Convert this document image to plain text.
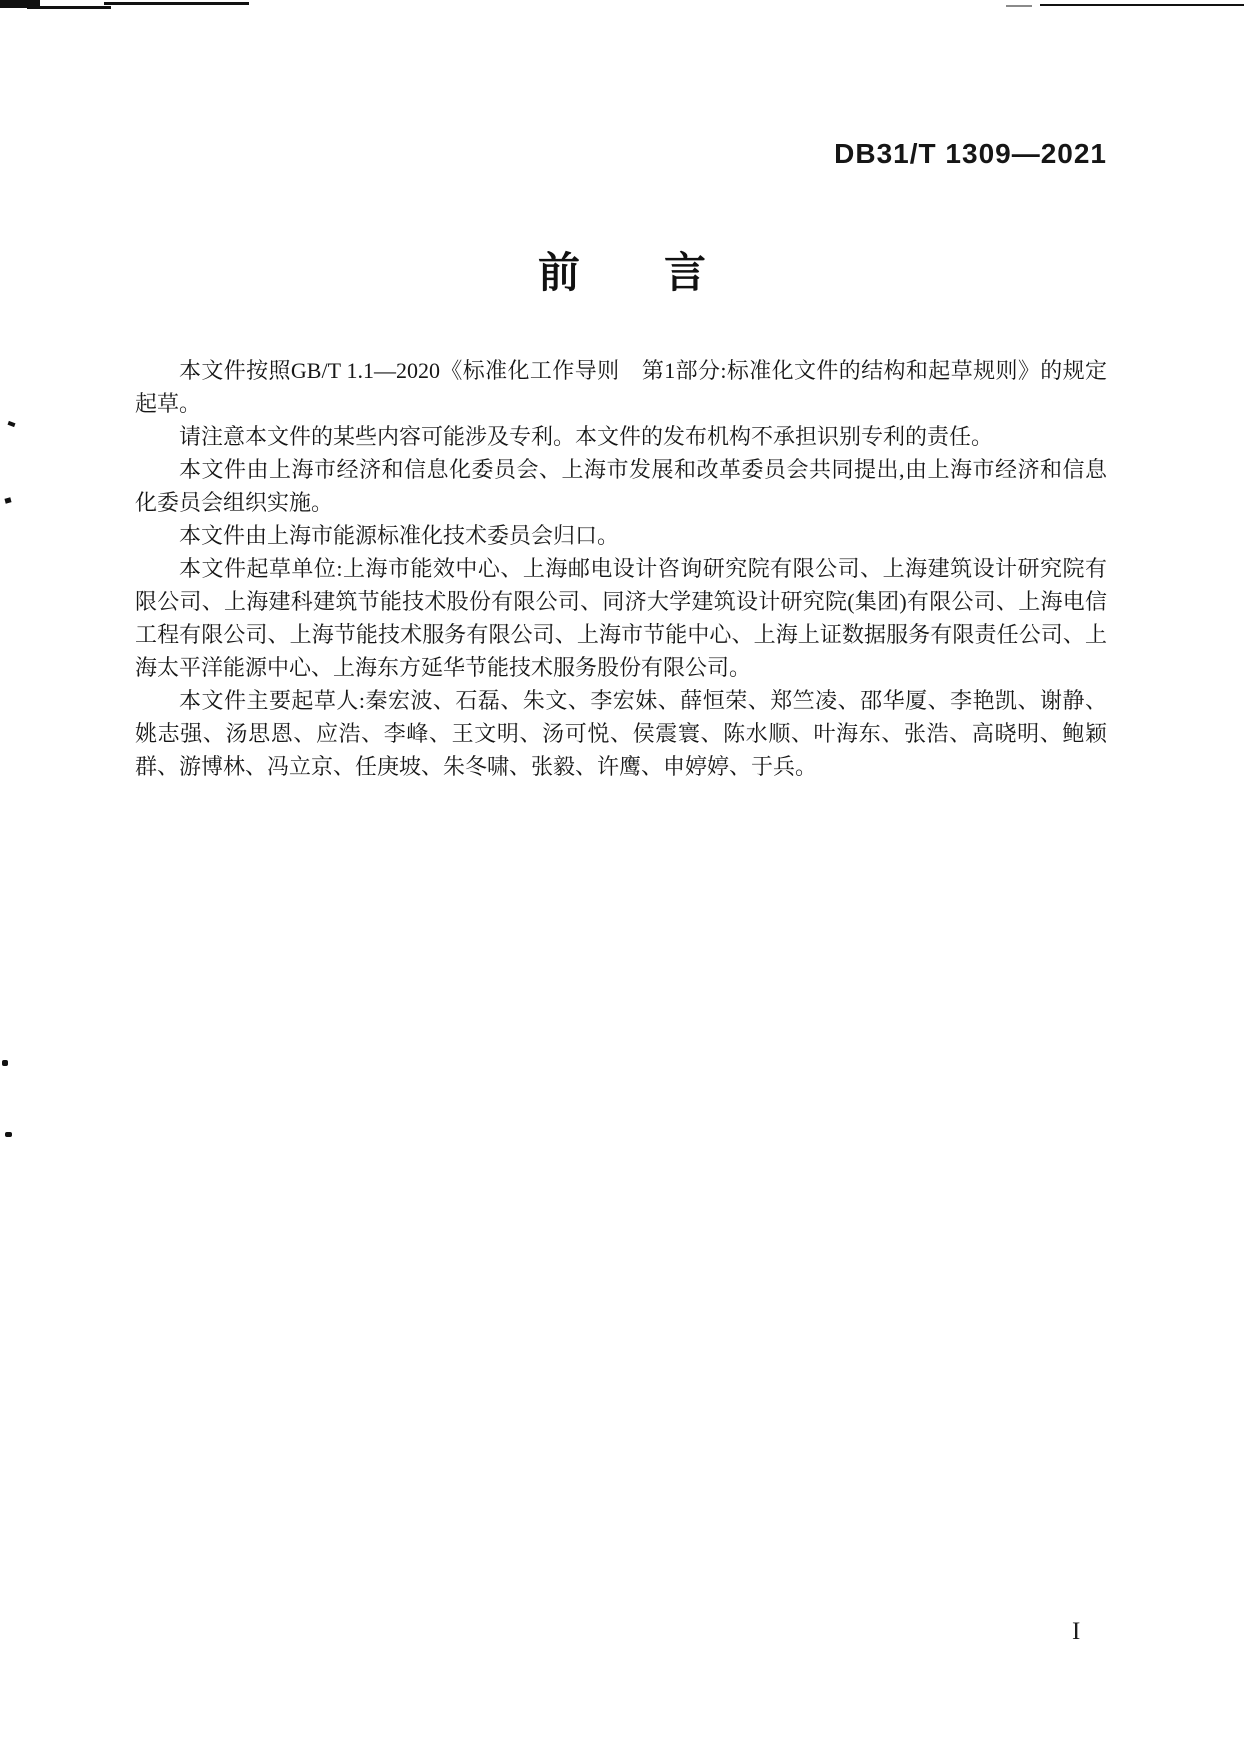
DB31/T 1309—2021
前　　言

本文件按照GB/T 1.1—2020《标准化工作导则　第1部分:标准化文件的结构和起草规则》的规定起草。

请注意本文件的某些内容可能涉及专利。本文件的发布机构不承担识别专利的责任。

本文件由上海市经济和信息化委员会、上海市发展和改革委员会共同提出,由上海市经济和信息化委员会组织实施。

本文件由上海市能源标准化技术委员会归口。

本文件起草单位:上海市能效中心、上海邮电设计咨询研究院有限公司、上海建筑设计研究院有限公司、上海建科建筑节能技术股份有限公司、同济大学建筑设计研究院(集团)有限公司、上海电信工程有限公司、上海节能技术服务有限公司、上海市节能中心、上海上证数据服务有限责任公司、上海太平洋能源中心、上海东方延华节能技术服务股份有限公司。

本文件主要起草人:秦宏波、石磊、朱文、李宏妹、薛恒荣、郑竺凌、邵华厦、李艳凯、谢静、姚志强、汤思恩、应浩、李峰、王文明、汤可悦、侯震寰、陈水顺、叶海东、张浩、高晓明、鲍颖群、游博林、冯立京、任庚坡、朱冬啸、张毅、许鹰、申婷婷、于兵。

I
